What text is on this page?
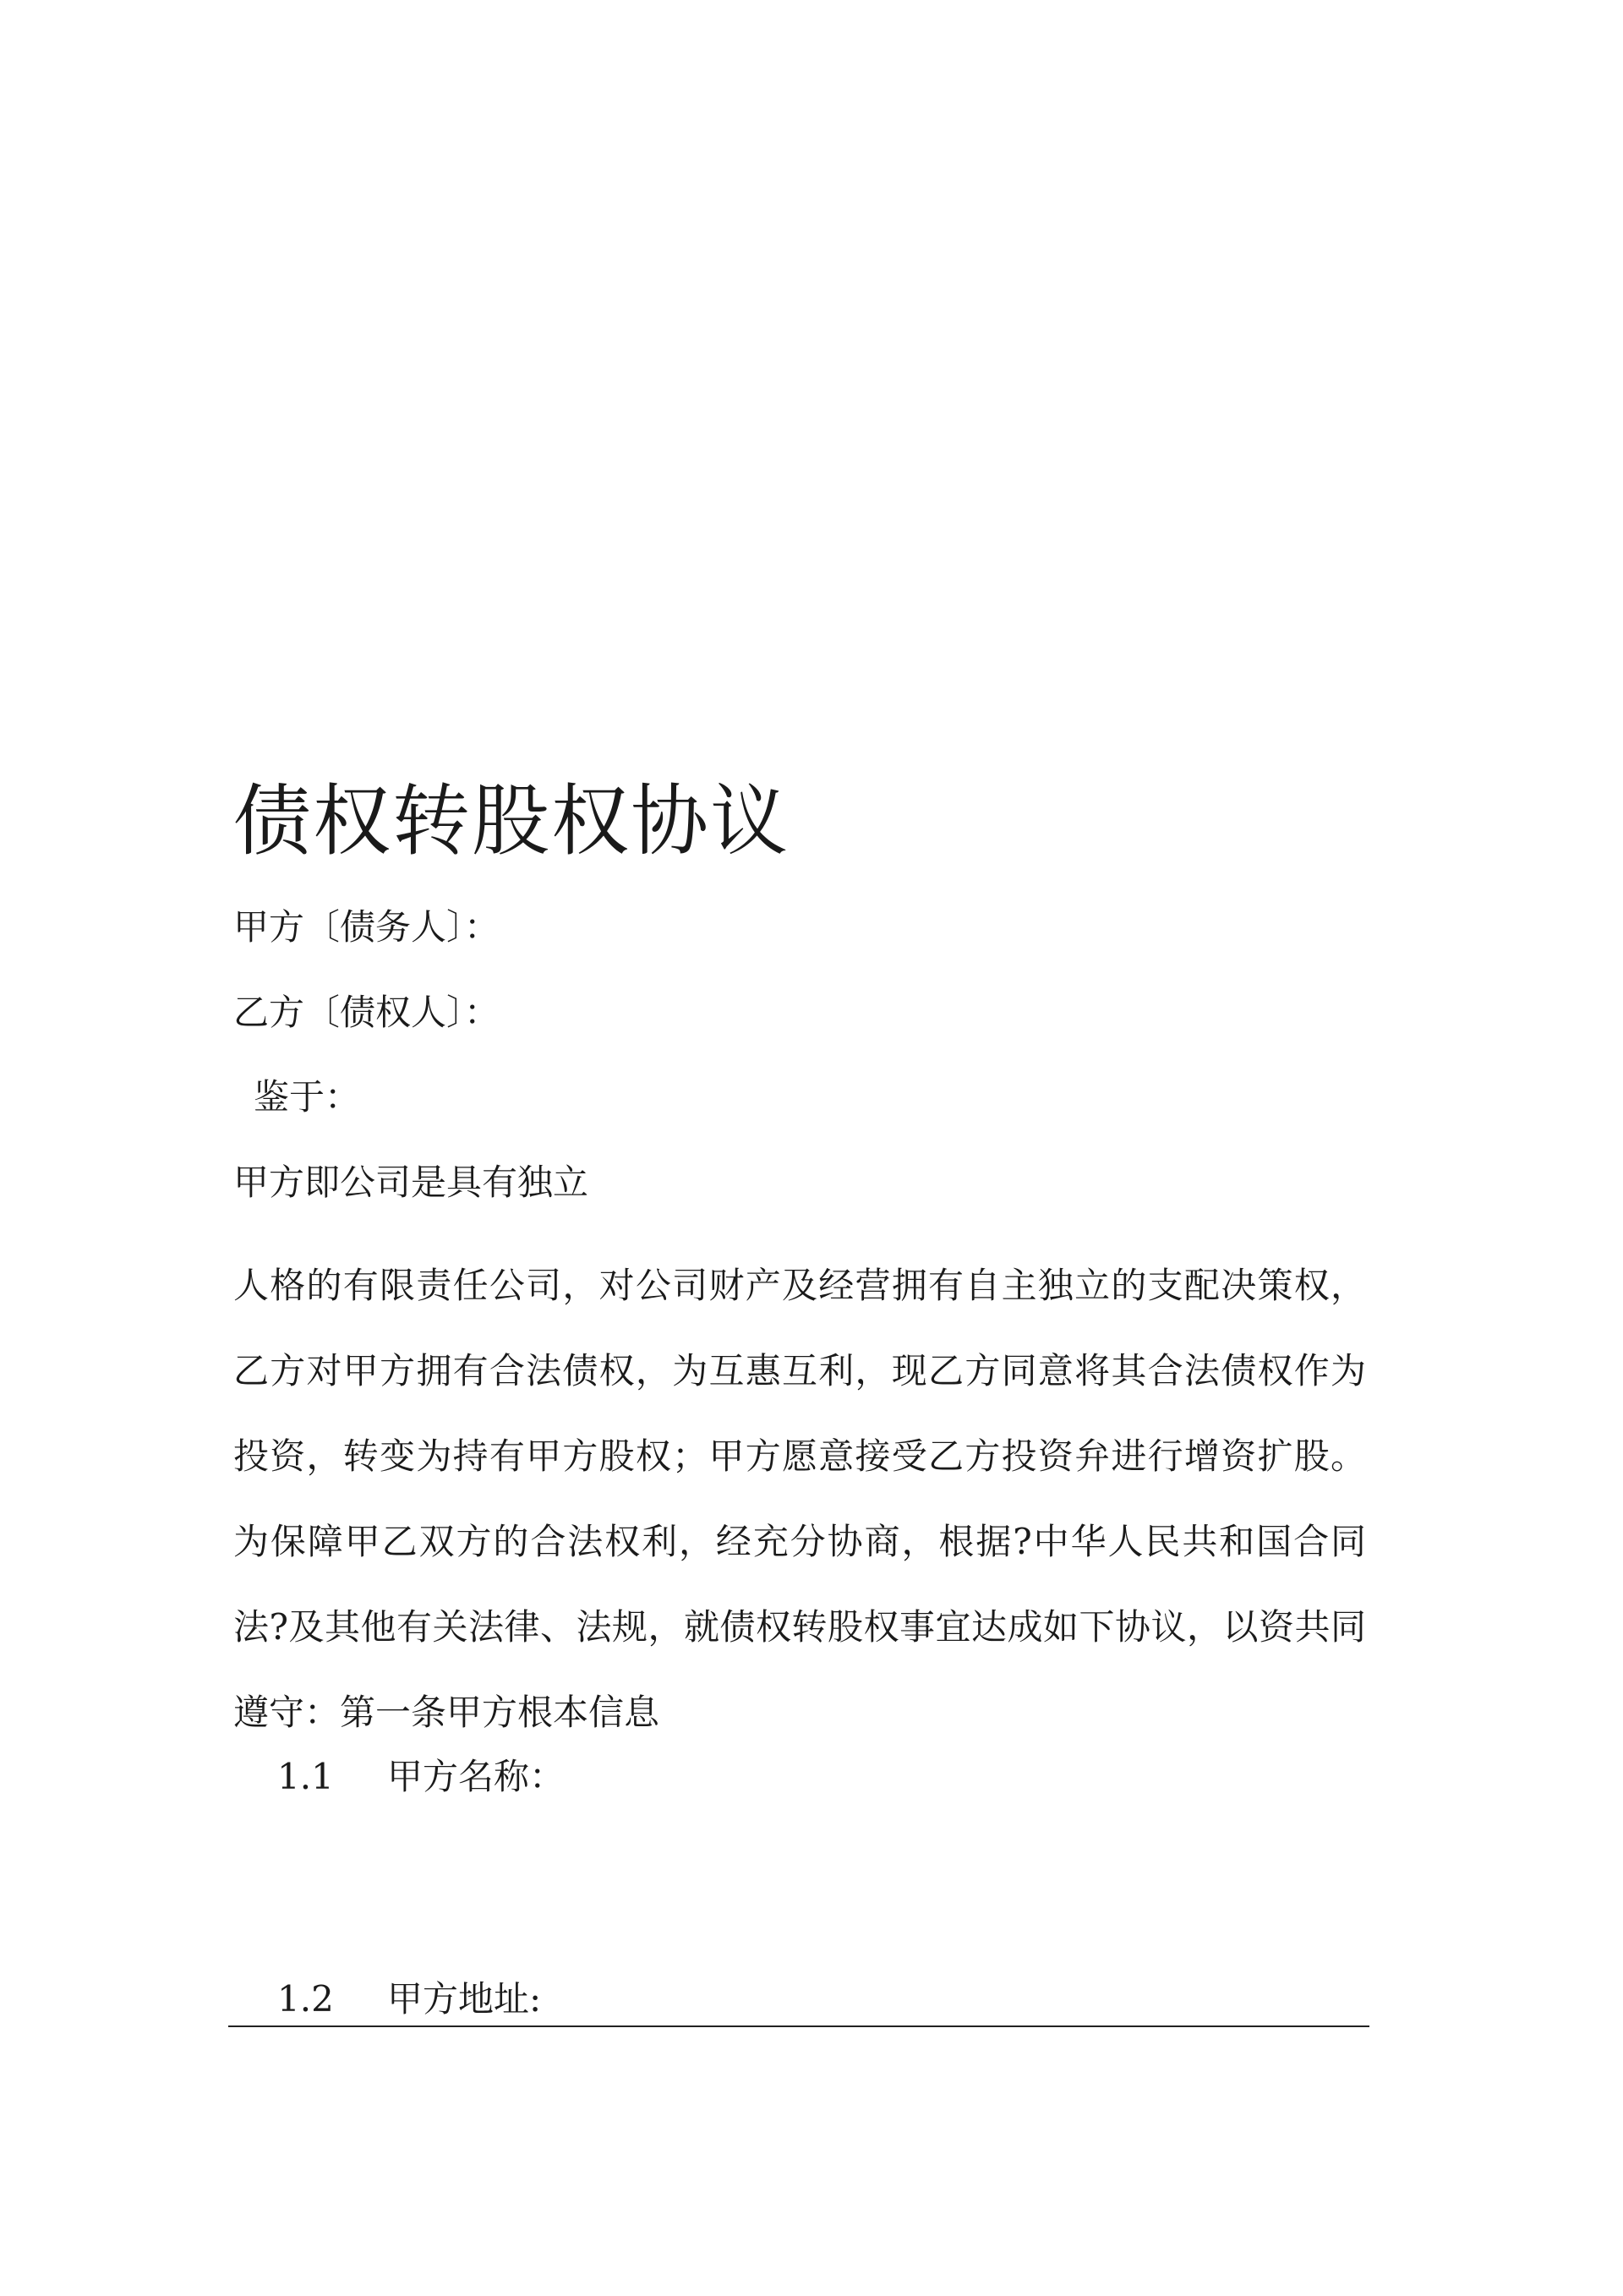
债权转股权协议
甲方〔债务人〕：
乙方〔债权人〕：
鉴于：
甲方即公司是具有独立

人格的有限责任公司，对公司财产及经营拥有自主独立的支配决策权，乙方对甲方拥有合法债权，为互惠互利，现乙方同意将其合法债权作为投资，转变为持有甲方股权；甲方愿意接受乙方投资弁进行增资扩股。为保障甲乙双方的合法权利，经充分协商，根据?中华人民共和国合同法?及其他有关法律、法规，就债权转股权事宜达成如下协议，以资共同遵守：第一条甲方根本信息

1.1 甲方名称：
1.2 甲方地址:
